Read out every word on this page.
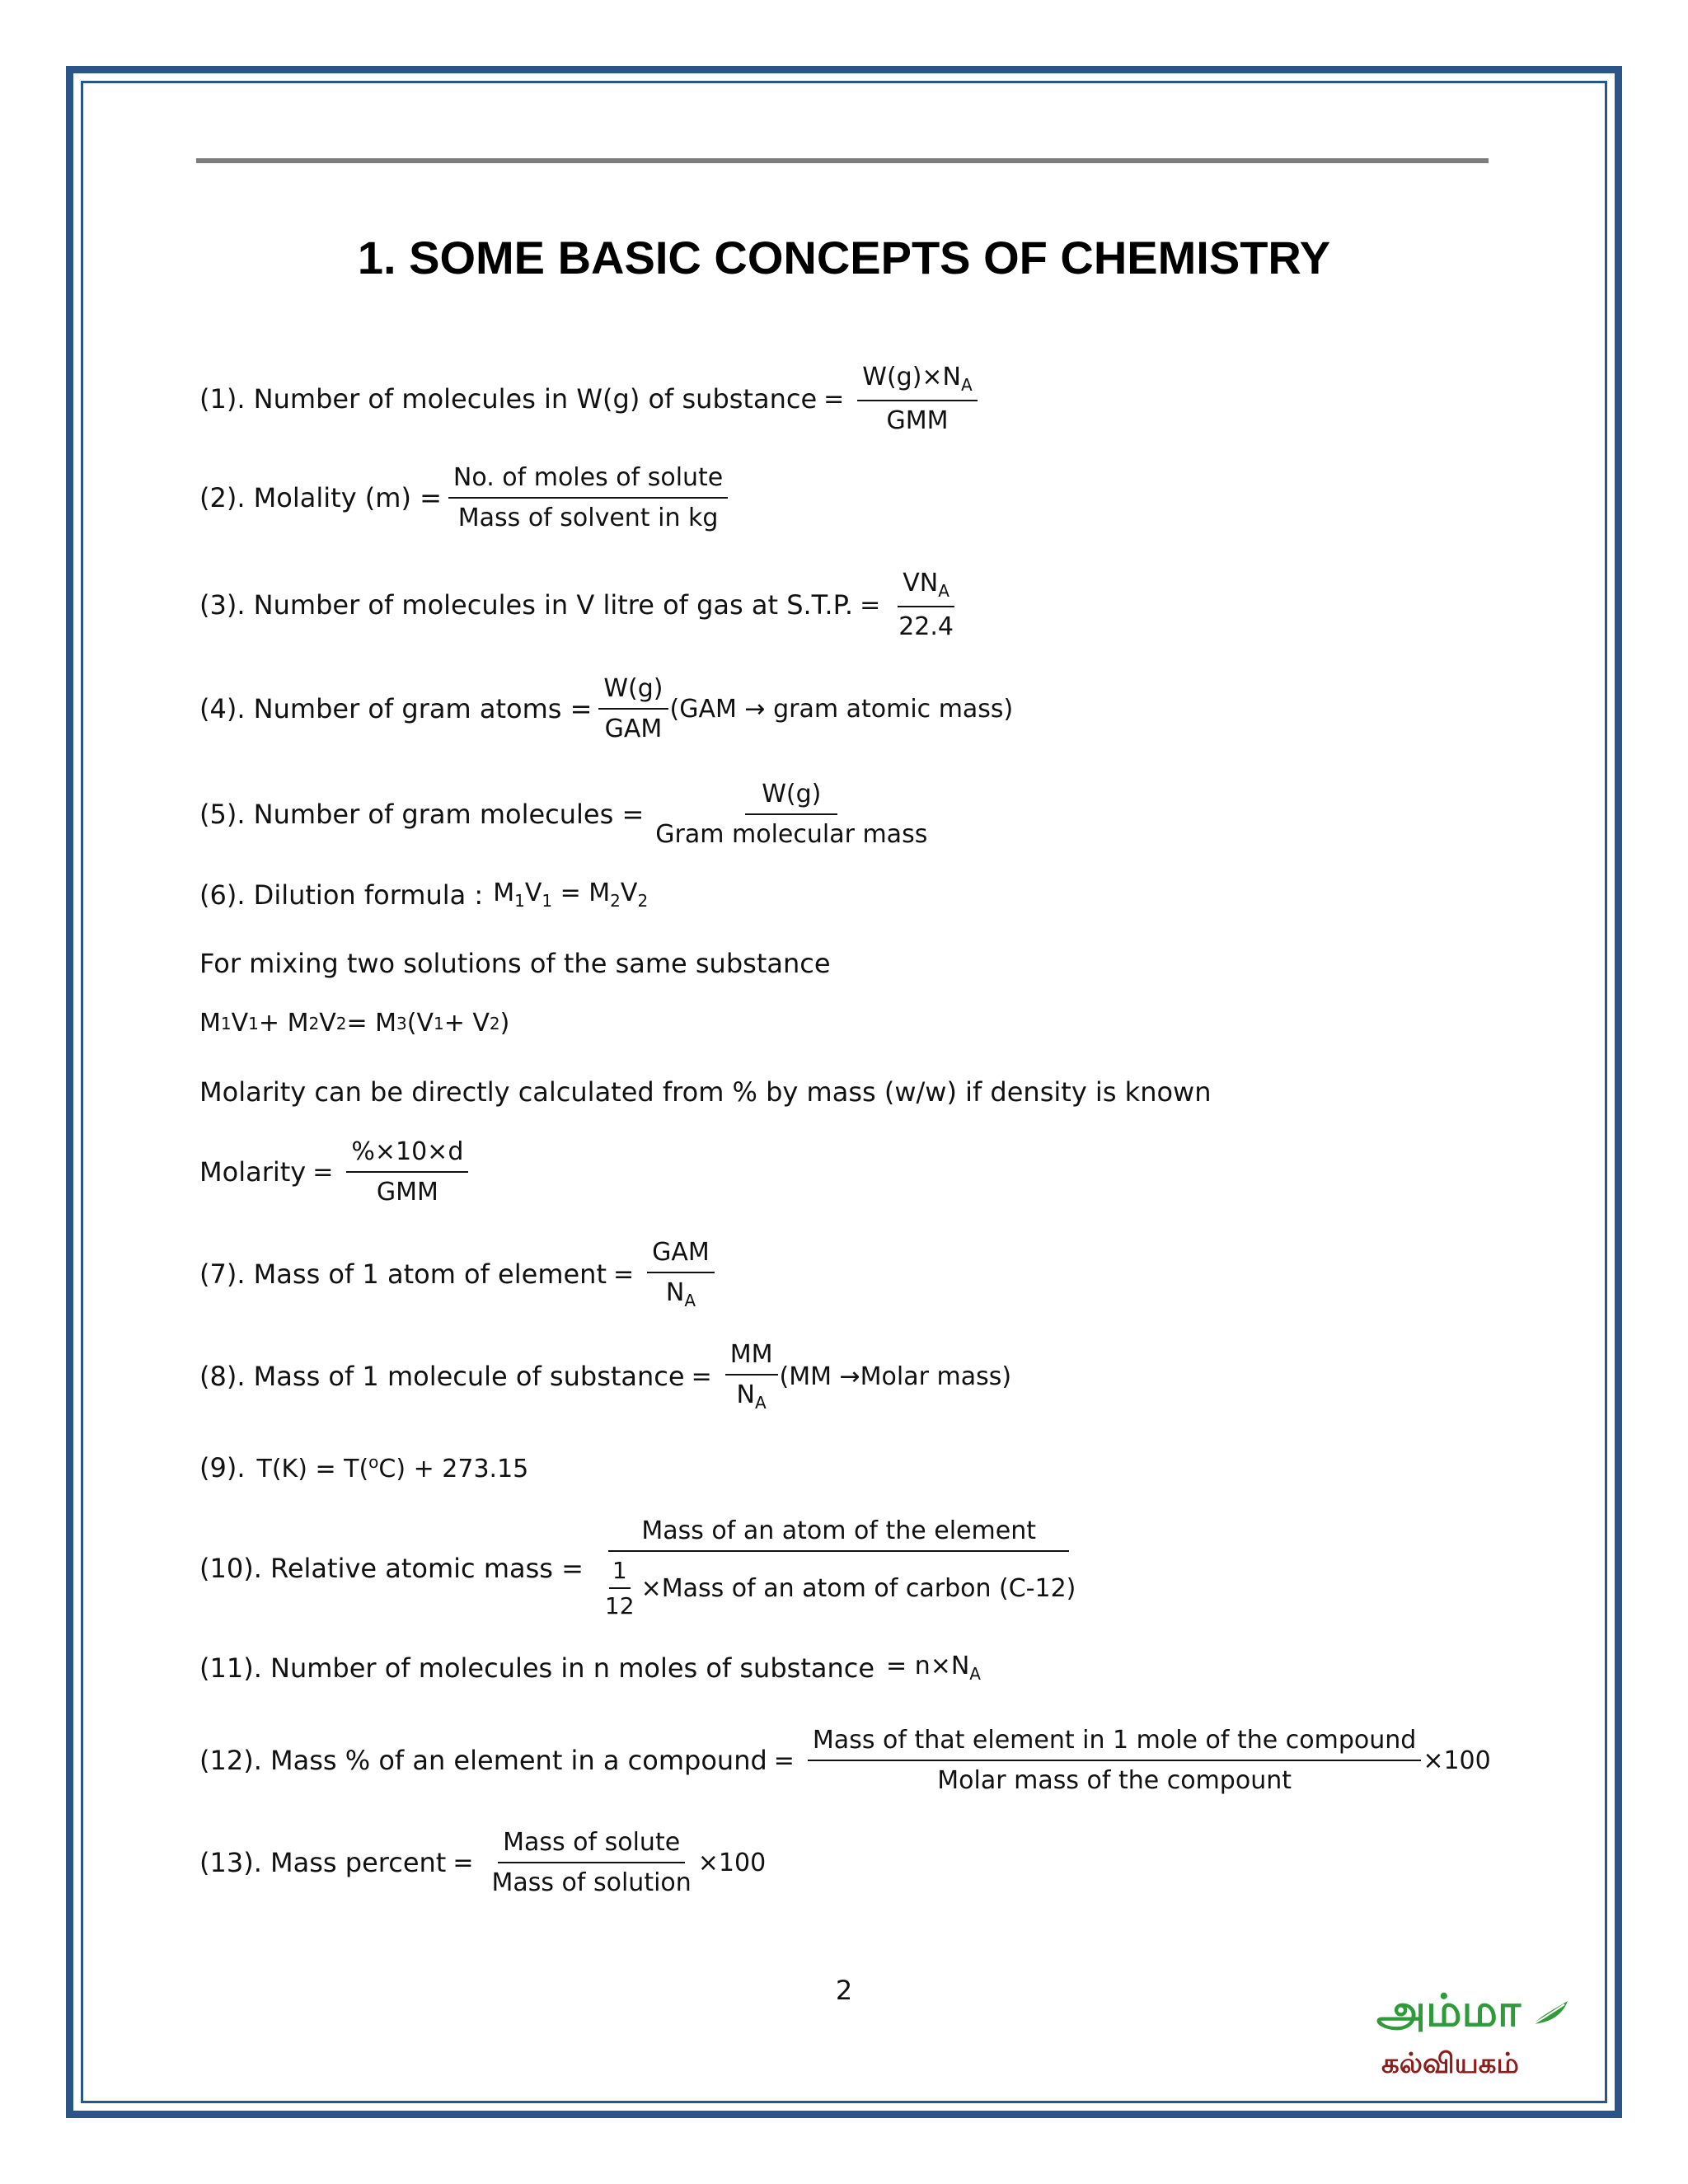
1. SOME BASIC CONCEPTS OF CHEMISTRY
(1). Number of molecules in W(g) of substance = $\frac{W(g)\times N_A}{\text{GMM}}$
(2). Molality $(m) = \frac{\text{No. of moles of solute}}{\text{Mass of solvent in kg}}$
(3). Number of molecules in V litre of gas at S.T.P. = $\frac{VN_A}{22.4}$
(4). Number of gram atoms = $\frac{W(g)}{\text{GAM}} (GAM$ → gram atomic mass)
(5). Number of gram molecules = $\frac{W(g)}{\text{Gram molecular mass}}$
(6). Dilution formula : $M_1V_1 = M_2V_2$
For mixing two solutions of the same substance
M 1 V 1 + M 2 V 2 = M 3 (V 1 + V 2 )
Molarity can be directly calculated from % by mass (w/w) if density is known
Molarity = $\frac{\%\times 10\times d}{\text{GMM}}$
(7). Mass of 1 atom of element = $\frac{\text{GAM}}{N_A}$
(8). Mass of 1 molecule of substance = $\frac{MM}{N_A} (MM$ →Molar mass)
(9). T(K) = T($^o$C) + 273.15
(10). Relative atomic mass = $\frac{\text{Mass of an atom of the element}}{\frac{1}{12} \times Mass of an atom of carbon (C-12)}$
(11). Number of molecules in n moles of substance = $n\times N_A$
(12). Mass % of an element in a compound = $\frac{\text{Mass of that element in 1 mole of the compound}}{\text{Molar mass of the compount}} \times 100$
(13). Mass percent = $\frac{\text{Mass of solute}}{\text{Mass of solution}} \times 100$
2	அம்மா
கல்வியகம்
